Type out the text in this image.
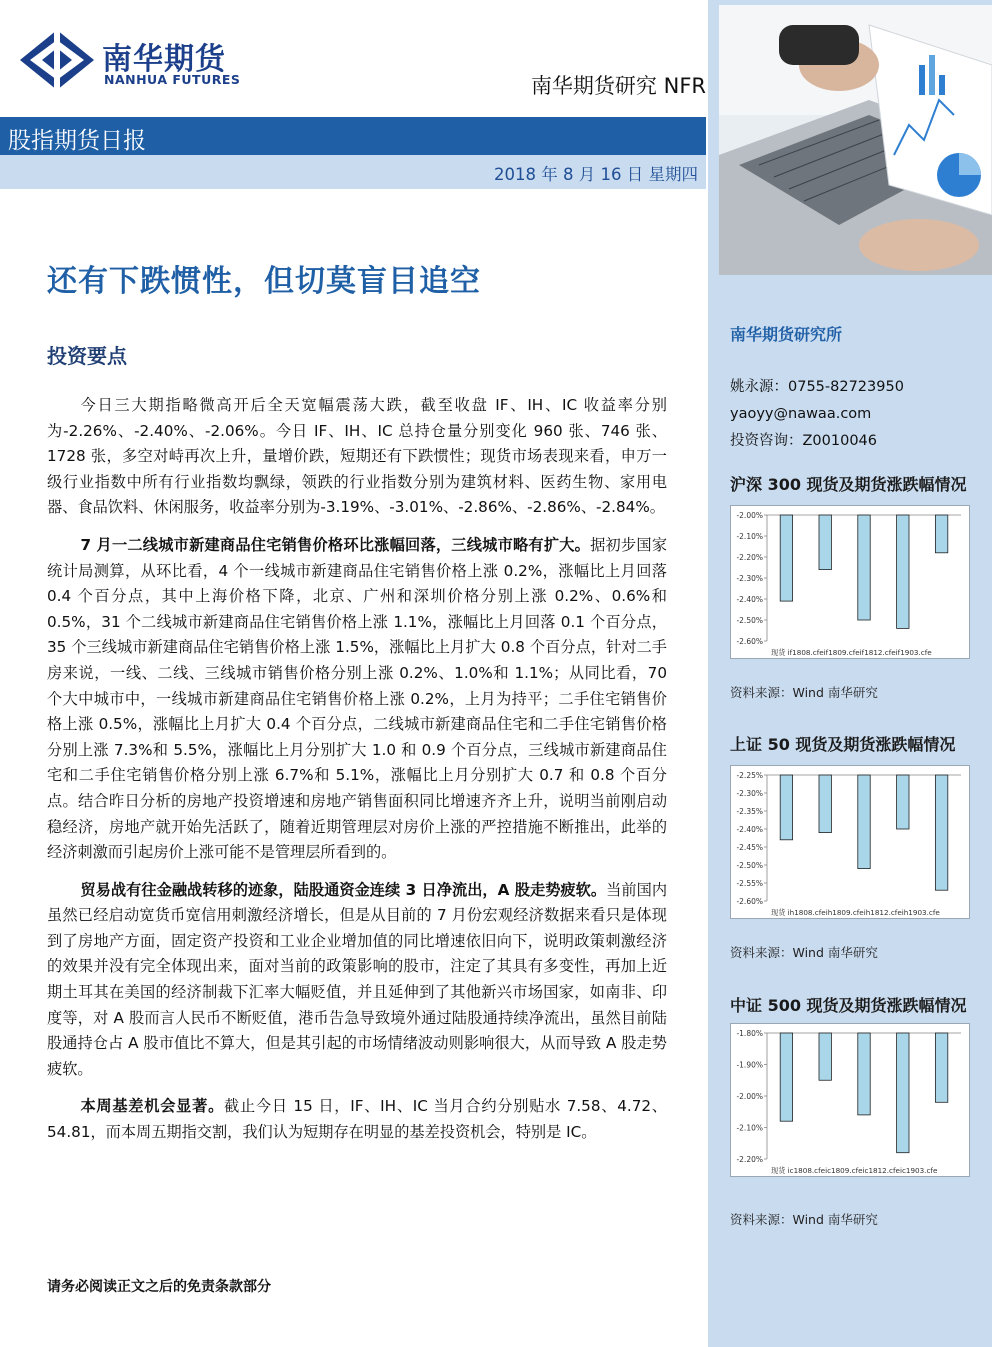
南华期货
NANHUA FUTURES	南华期货研究 NFR
股指期货日报
2018 年 8 月 16 日 星期四
还有下跌惯性，但切莫盲目追空
投资要点

今日三大期指略微高开后全天宽幅震荡大跌，截至收盘 IF、IH、IC 收益率分别为-2.26%、-2.40%、-2.06%。今日 IF、IH、IC 总持仓量分别变化 960 张、746 张、1728 张，多空对峙再次上升，量增价跌，短期还有下跌惯性；现货市场表现来看，申万一级行业指数中所有行业指数均飘绿，领跌的行业指数分别为建筑材料、医药生物、家用电器、食品饮料、休闲服务，收益率分别为-3.19%、-3.01%、-2.86%、-2.86%、-2.84%。

7 月一二线城市新建商品住宅销售价格环比涨幅回落，三线城市略有扩大。据初步国家统计局测算，从环比看，4 个一线城市新建商品住宅销售价格上涨 0.2%，涨幅比上月回落 0.4 个百分点，其中上海价格下降，北京、广州和深圳价格分别上涨 0.2%、0.6%和 0.5%，31 个二线城市新建商品住宅销售价格上涨 1.1%，涨幅比上月回落 0.1 个百分点，35 个三线城市新建商品住宅销售价格上涨 1.5%，涨幅比上月扩大 0.8 个百分点，针对二手房来说，一线、二线、三线城市销售价格分别上涨 0.2%、1.0%和 1.1%；从同比看，70 个大中城市中，一线城市新建商品住宅销售价格上涨 0.2%，上月为持平；二手住宅销售价格上涨 0.5%，涨幅比上月扩大 0.4 个百分点，二线城市新建商品住宅和二手住宅销售价格分别上涨 7.3%和 5.5%，涨幅比上月分别扩大 1.0 和 0.9 个百分点，三线城市新建商品住宅和二手住宅销售价格分别上涨 6.7%和 5.1%，涨幅比上月分别扩大 0.7 和 0.8 个百分点。结合昨日分析的房地产投资增速和房地产销售面积同比增速齐齐上升，说明当前刚启动稳经济，房地产就开始先活跃了，随着近期管理层对房价上涨的严控措施不断推出，此举的经济刺激而引起房价上涨可能不是管理层所看到的。

贸易战有往金融战转移的迹象，陆股通资金连续 3 日净流出，A 股走势疲软。当前国内虽然已经启动宽货币宽信用刺激经济增长，但是从目前的 7 月份宏观经济数据来看只是体现到了房地产方面，固定资产投资和工业企业增加值的同比增速依旧向下，说明政策刺激经济的效果并没有完全体现出来，面对当前的政策影响的股市，注定了其具有多变性，再加上近期土耳其在美国的经济制裁下汇率大幅贬值，并且延伸到了其他新兴市场国家，如南非、印度等，对 A 股而言人民币不断贬值，港币告急导致境外通过陆股通持续净流出，虽然目前陆股通持仓占 A 股市值比不算大，但是其引起的市场情绪波动则影响很大，从而导致 A 股走势疲软。

本周基差机会显著。截止今日 15 日，IF、IH、IC 当月合约分别贴水 7.58、4.72、54.81，而本周五期指交割，我们认为短期存在明显的基差投资机会，特别是 IC。

请务必阅读正文之后的免责条款部分
南华期货研究所
姚永源：0755-82723950
yaoyy@nawaa.com
投资咨询：Z0010046
沪深 300 现货及期货涨跌幅情况
-2.00%
-2.10%
-2.20%
-2.30%
-2.40%
-2.50%
-2.60%
现货 if1808.cfeif1809.cfeif1812.cfeif1903.cfe
资料来源：Wind 南华研究
上证 50 现货及期货涨跌幅情况
-2.25%
-2.30%
-2.35%
-2.40%
-2.45%
-2.50%
-2.55%
-2.60%
现货 ih1808.cfeih1809.cfeih1812.cfeih1903.cfe
资料来源：Wind 南华研究
中证 500 现货及期货涨跌幅情况
-1.80%
-1.90%
-2.00%
-2.10%
-2.20%
现货 ic1808.cfeic1809.cfeic1812.cfeic1903.cfe
资料来源：Wind 南华研究
